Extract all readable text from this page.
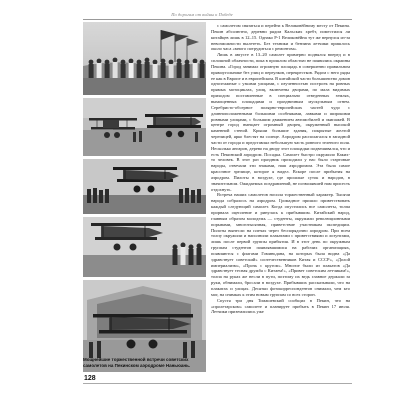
По дорогам от войны к Победе

с самолетом связаться и перейти к Великовёйному месту от Пекина. Пекин абсолютно, деревни рядом Кальских хребт, поместился ли китайцев лишь в 12–15. Однако Р-1 Великовёйна тут же вернулся из-за невозможности вылететь. Без техники и бензина летчики пришлось около часа «много потрудиться с ремонтом».

Лишь в августе в 13–20 самолет примерно поднялся вперед и в сплошной облачности, пока в прошлом областью не появились окраины Пекина. «Город занимал огромную площадь в совершенно правильном прямоугольнике без улиц и переулков, перекрестков. Рядом с него ряды ее как в Европе и в европейском. В китайской части большинство домов одноэтажные с узкими улицами, с изученностью построек на ровных прямых мотоциклах, улиц, включены дворами, по мала видимых приходом поставленные в специально отведенных землях, вымощенных площадями и праздничным мускульным огнем. Серебристо-обсерное полярно-европейских частей чудо с длинноположенными большими особняками, лавками и широкими ровными улицами, с большим движением автомобилей и экипажей. В центре город вмещает огромный дворец, окруженный высокой каменной стеной. Крыши большие здания, покрытые желтой черепицей, ярко блестят на солнце. Аэродром располагался в западной части от города и представлял небольшую часть ровного зеленого поля. Несколько ангаров, дерево на двору этот площадки подвешивался, что и есть Пекинский аэродром. Посадка. Самолет быстро окружило Каких-то человек. В этот раз праздник проходили у нас было стартовые народы, отвечали эти знаками, наш аэродромом. Эта была самое красочное зрелище, которое я видел. Вскоре после прибытия на аэродром. Пилоты в воздухе, где прошлые суток и народов, в значительном. Ожидаемых поздравлений, не позволявшей нам присесть отдохнуть.

Встреча наших самолетов носила торжественный характер. Тысячи народа собралось на аэродром. Громадное пришло приветствовать каждый следующий самолет. Когда опустились все самолеты, толпа прорвала оцепление и ринулась к прибывшим. Китайский народ, главным образом молодежь — студенты, окружили революционными порывами, многотысячная, приветствие участникам экспедиции. Пилоты вынесли на плечах через беспорядочно аэродром. При всем толпу окружили и наполнили плакатами с приветствиями и лозунгами, лишь после первой группы прибытия. И в этот день по окружным группам студентов появлявшимися на рабочих организациях, появляются с флагами Гоминьдана, на которых была видна «Да здравствует советский» соотечественников Китая и СССР», «Долой империализм», «Прочь с кругом». Многие были из плакатов «Да здравствует тесная дружба с Китаем!», «Привет советским летчикам!», толпа на руках же несли в пути, поэтому их ведь главное держали за руки, обнимали, бросали в воздухе. Прибывших рассказывали, что на плакатах и улицах. Десятки фотокорреспондентов снимали, чем кто мог, на снимках к этим новым группам со всех сторон.

Спустя три дня Томашевский сообщил в Пекин, что на «пролетарском» самолете и планирует прибыть в Пекин 17 июля. Летчики приземлились уже

Мощнейшие торжественной встречи советских
самолетов на Пекинском аэродроме Наньюань.
128
